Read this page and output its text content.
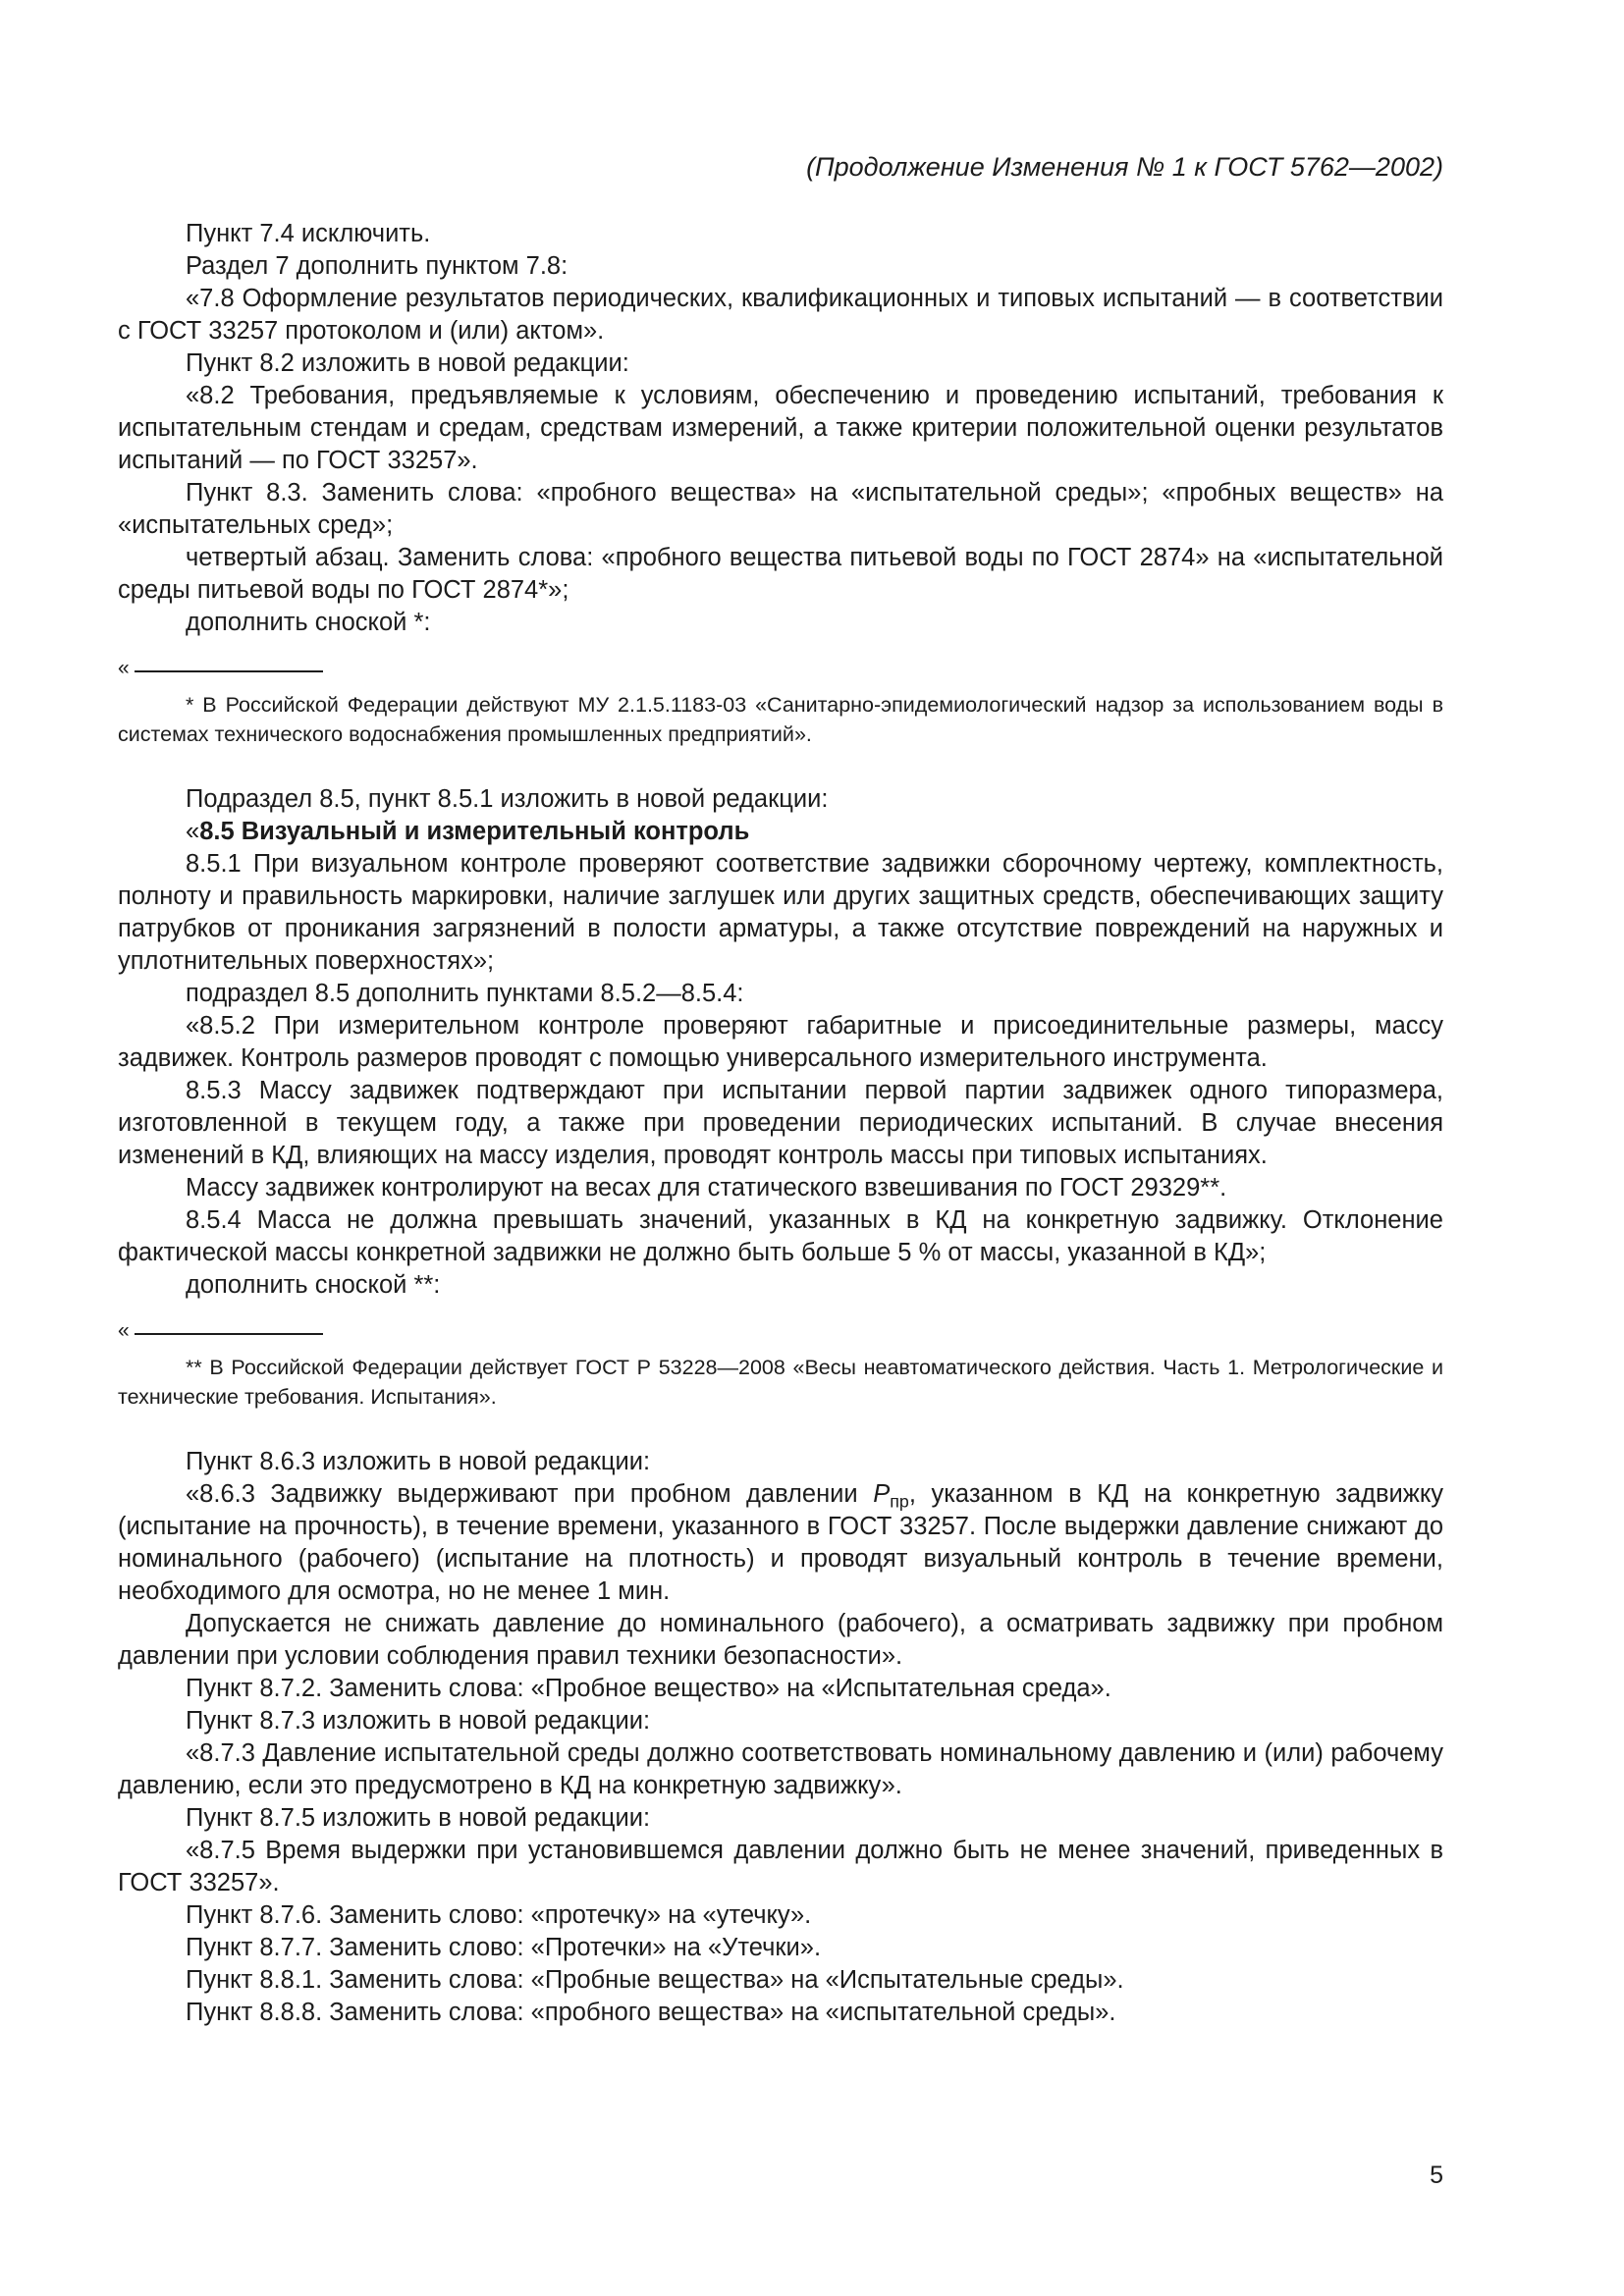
(Продолжение Изменения № 1 к ГОСТ 5762—2002)

Пункт 7.4 исключить.

Раздел 7 дополнить пунктом 7.8:

«7.8 Оформление результатов периодических, квалификационных и типовых испытаний — в соответствии с ГОСТ 33257 протоколом и (или) актом».

Пункт 8.2 изложить в новой редакции:

«8.2 Требования, предъявляемые к условиям, обеспечению и проведению испытаний, требования к испытательным стендам и средам, средствам измерений, а также критерии положительной оценки результатов испытаний — по ГОСТ 33257».

Пункт 8.3. Заменить слова: «пробного вещества» на «испытательной среды»; «пробных веществ» на «испытательных сред»;

четвертый абзац. Заменить слова: «пробного вещества питьевой воды по ГОСТ 2874» на «испытательной среды питьевой воды по ГОСТ 2874*»;

дополнить сноской *:

«
* В Российской Федерации действуют МУ 2.1.5.1183-03 «Санитарно-эпидемиологический надзор за использованием воды в системах технического водоснабжения промышленных предприятий».

Подраздел 8.5, пункт 8.5.1 изложить в новой редакции:

«8.5 Визуальный и измерительный контроль

8.5.1 При визуальном контроле проверяют соответствие задвижки сборочному чертежу, комплектность, полноту и правильность маркировки, наличие заглушек или других защитных средств, обеспечивающих защиту патрубков от проникания загрязнений в полости арматуры, а также отсутствие повреждений на наружных и уплотнительных поверхностях»;

подраздел 8.5 дополнить пунктами 8.5.2—8.5.4:

«8.5.2 При измерительном контроле проверяют габаритные и присоединительные размеры, массу задвижек. Контроль размеров проводят с помощью универсального измерительного инструмента.

8.5.3 Массу задвижек подтверждают при испытании первой партии задвижек одного типоразмера, изготовленной в текущем году, а также при проведении периодических испытаний. В случае внесения изменений в КД, влияющих на массу изделия, проводят контроль массы при типовых испытаниях.

Массу задвижек контролируют на весах для статического взвешивания по ГОСТ 29329**.

8.5.4 Масса не должна превышать значений, указанных в КД на конкретную задвижку. Отклонение фактической массы конкретной задвижки не должно быть больше 5 % от массы, указанной в КД»;

дополнить сноской **:

«
** В Российской Федерации действует ГОСТ Р 53228—2008 «Весы неавтоматического действия. Часть 1. Метрологические и технические требования. Испытания».

Пункт 8.6.3 изложить в новой редакции:

«8.6.3 Задвижку выдерживают при пробном давлении $P_{пр}$, указанном в КД на конкретную задвижку (испытание на прочность), в течение времени, указанного в ГОСТ 33257. После выдержки давление снижают до номинального (рабочего) (испытание на плотность) и проводят визуальный контроль в течение времени, необходимого для осмотра, но не менее 1 мин.

Допускается не снижать давление до номинального (рабочего), а осматривать задвижку при пробном давлении при условии соблюдения правил техники безопасности».

Пункт 8.7.2. Заменить слова: «Пробное вещество» на «Испытательная среда».

Пункт 8.7.3 изложить в новой редакции:

«8.7.3 Давление испытательной среды должно соответствовать номинальному давлению и (или) рабочему давлению, если это предусмотрено в КД на конкретную задвижку».

Пункт 8.7.5 изложить в новой редакции:

«8.7.5 Время выдержки при установившемся давлении должно быть не менее значений, приведенных в ГОСТ 33257».

Пункт 8.7.6. Заменить слово: «протечку» на «утечку».

Пункт 8.7.7. Заменить слово: «Протечки» на «Утечки».

Пункт 8.8.1. Заменить слова: «Пробные вещества» на «Испытательные среды».

Пункт 8.8.8. Заменить слова: «пробного вещества» на «испытательной среды».

5
